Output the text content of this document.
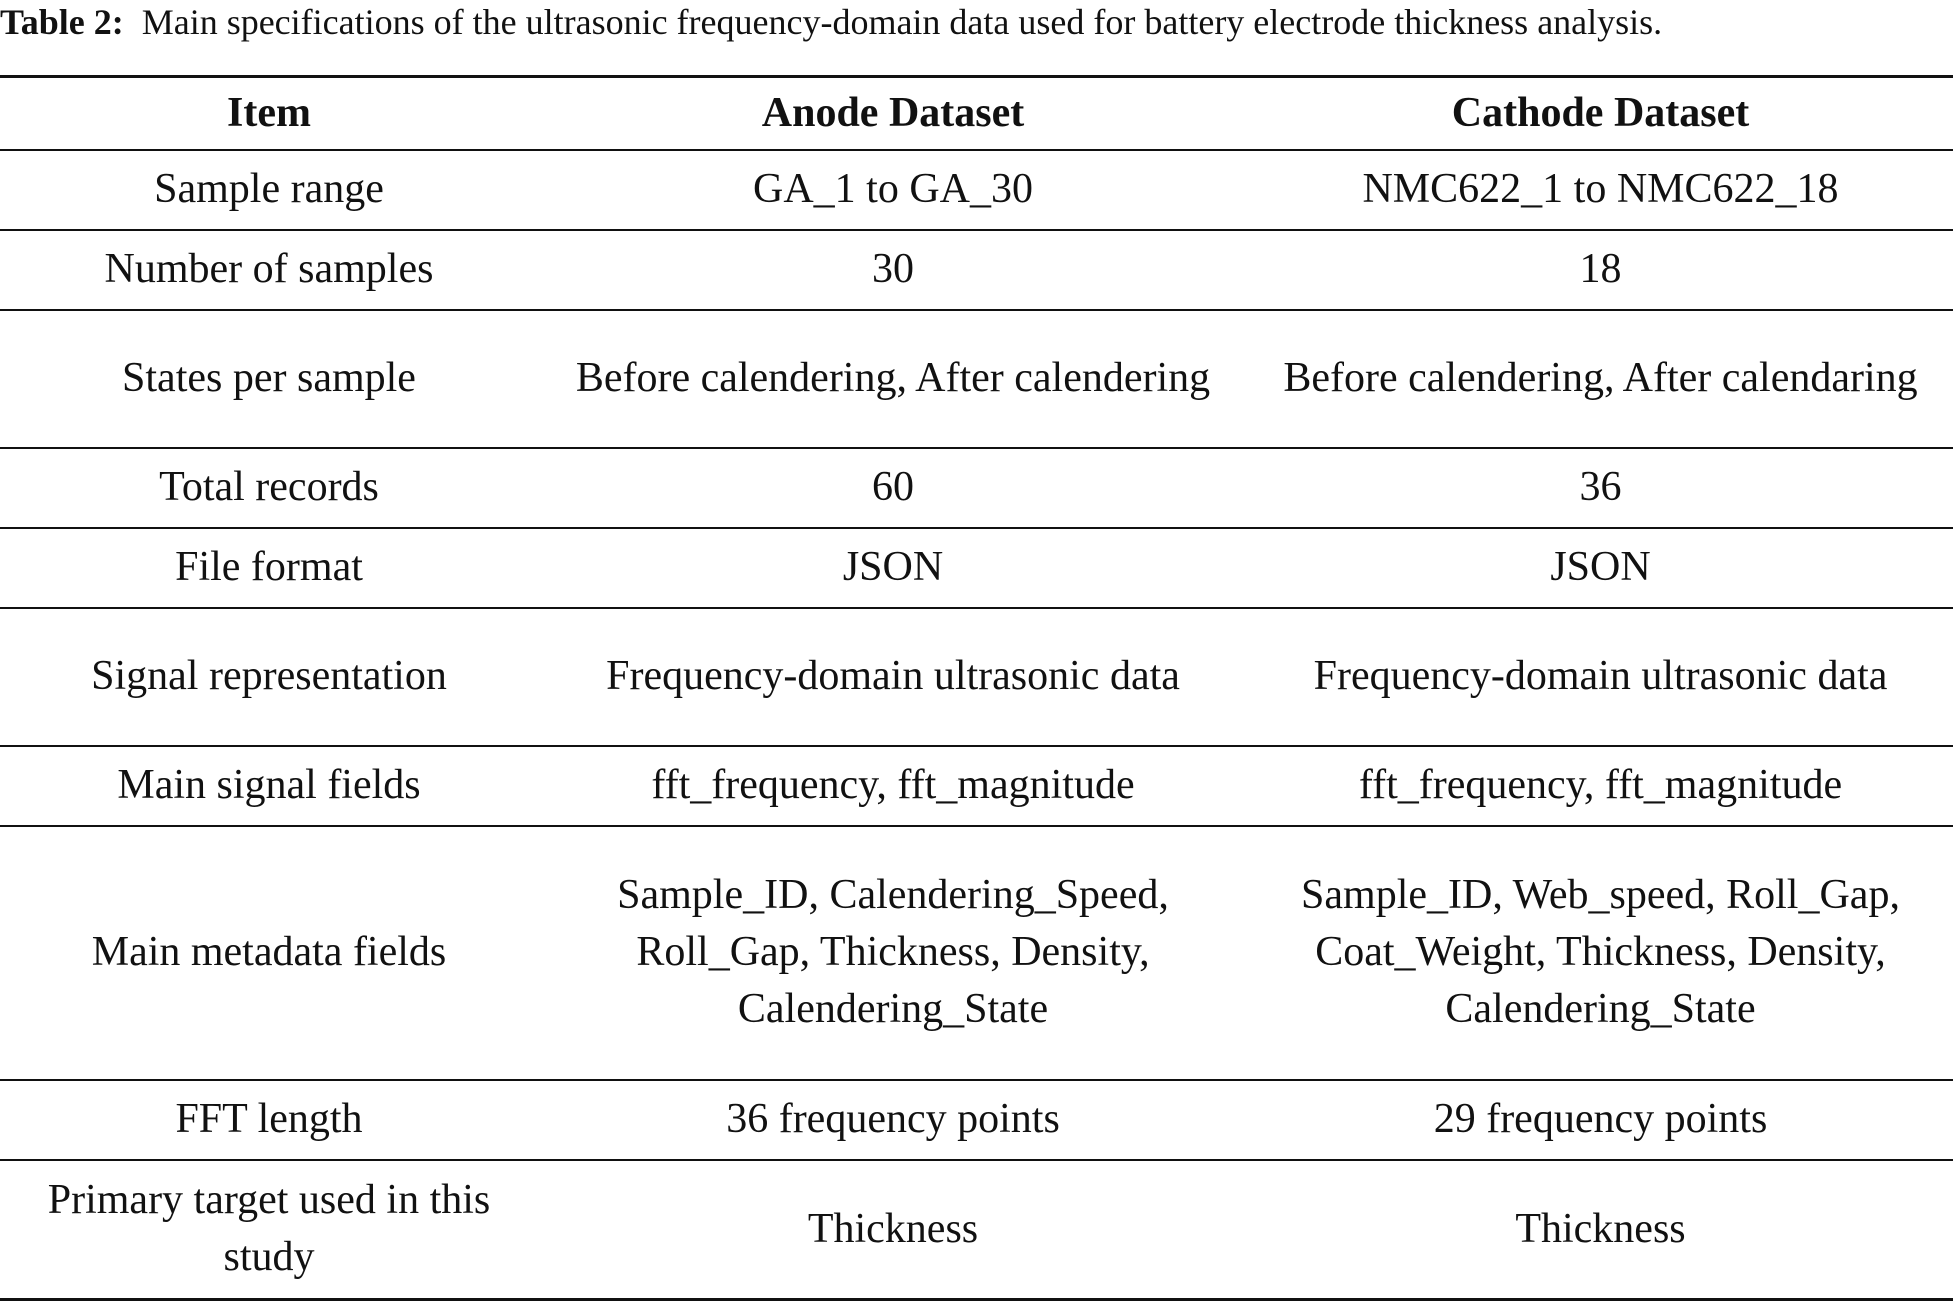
Table 2: Main specifications of the ultrasonic frequency-domain data used for battery electrode thickness analysis.
Item	Anode Dataset	Cathode Dataset
Sample range	GA_1 to GA_30	NMC622_1 to NMC622_18
Number of samples	30	18
States per sample	Before calendering, After calendering	Before calendering, After calendaring
Total records	60	36
File format	JSON	JSON
Signal representation	Frequency-domain ultrasonic data	Frequency-domain ultrasonic data
Main signal fields	fft_frequency, fft_magnitude	fft_frequency, fft_magnitude
Main metadata fields	Sample_ID, Calendering_Speed, Roll_Gap, Thickness, Density, Calendering_State	Sample_ID, Web_speed, Roll_Gap, Coat_Weight, Thickness, Density, Calendering_State
FFT length	36 frequency points	29 frequency points
Primary target used in this study	Thickness	Thickness
